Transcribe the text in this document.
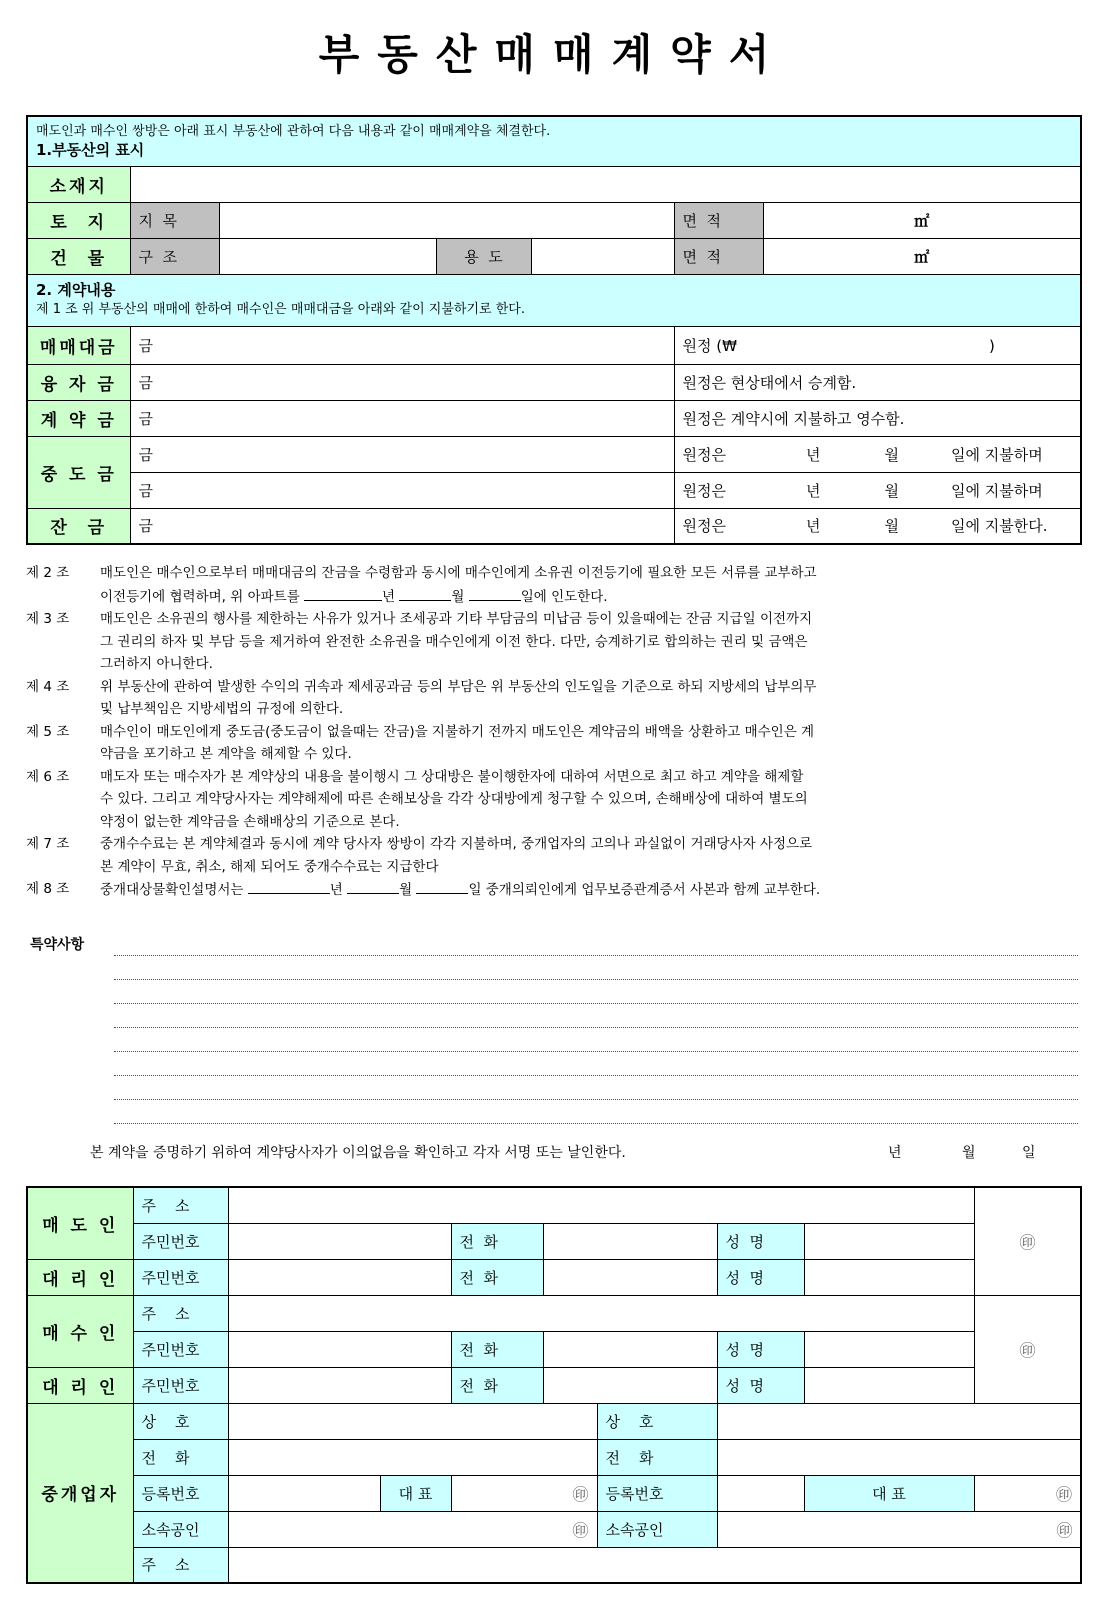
부동산매매계약서
매도인과 매수인 쌍방은 아래 표시 부동산에 관하여 다음 내용과 같이 매매계약을 체결한다.
1.부동산의 표시						

소재지						
토  지	지  목				면  적	㎡
건  물	구  조		용  도		면  적	㎡

2. 계약내용
제 1 조 위 부동산의 매매에 한하여 매수인은 매매대금을 아래와 같이 지불하기로 한다.						

매매대금	금				원정 (₩ )	
융 자 금	금				원정은 현상태에서 승계함.	
계 약 금	금				원정은 계약시에 지불하고 영수함.	
중 도 금	금				원정은 년 월 일에 지불하며	
	금				원정은 년 월 일에 지불하며	
잔  금	금				원정은 년 월 일에 지불한다.	
제 2 조	매도인은 매수인으로부터 매매대금의 잔금을 수령함과 동시에 매수인에게 소유권 이전등기에 필요한 모든 서류를 교부하고
이전등기에 협력하며, 위 아파트를	년	월	일에 인도한다.
제 3 조	매도인은 소유권의 행사를 제한하는 사유가 있거나 조세공과 기타 부담금의 미납금 등이 있을때에는 잔금 지급일 이전까지
그 권리의 하자 및 부담 등을 제거하여 완전한 소유권을 매수인에게 이전 한다. 다만, 승계하기로 합의하는 권리 및 금액은
그러하지 아니한다.
제 4 조	위 부동산에 관하여 발생한 수익의 귀속과 제세공과금 등의 부담은 위 부동산의 인도일을 기준으로 하되 지방세의 납부의무
및 납부책임은 지방세법의 규정에 의한다.
제 5 조	매수인이 매도인에게 중도금(중도금이 없을때는 잔금)을 지불하기 전까지 매도인은 계약금의 배액을 상환하고 매수인은 계
약금을 포기하고 본 계약을 해제할 수 있다.
제 6 조	매도자 또는 매수자가 본 계약상의 내용을 불이행시 그 상대방은 불이행한자에 대하여 서면으로 최고 하고 계약을 해제할
수 있다. 그리고 계약당사자는 계약해제에 따른 손해보상을 각각 상대방에게 청구할 수 있으며, 손해배상에 대하여 별도의
약정이 없는한 계약금을 손해배상의 기준으로 본다.
제 7 조	중개수수료는 본 계약체결과 동시에 계약 당사자 쌍방이 각각 지불하며, 중개업자의 고의나 과실없이 거래당사자 사정으로
본 계약이 무효, 취소, 해제 되어도 중개수수료는 지급한다
제 8 조	중개대상물확인설명서는	년	월	일 중개의뢰인에게 업무보증관계증서 사본과 함께 교부한다.
특약사항
본 계약을 증명하기 위하여 계약당사자가 이의없음을 확인하고 각자 서명 또는 날인한다.	년	월	일
매 도 인	주    소								㊞
	주민번호			전  화			성  명		
대 리 인	주민번호			전  화			성  명		
매 수 인	주    소								㊞
	주민번호			전  화			성  명		
대 리 인	주민번호			전  화			성  명		
중개업자	상    호					상    호			
	전    화					전    화			
	등록번호		대 표	㊞		등록번호		대 표	㊞
	소속공인	㊞				소속공인	㊞		
	주    소								
